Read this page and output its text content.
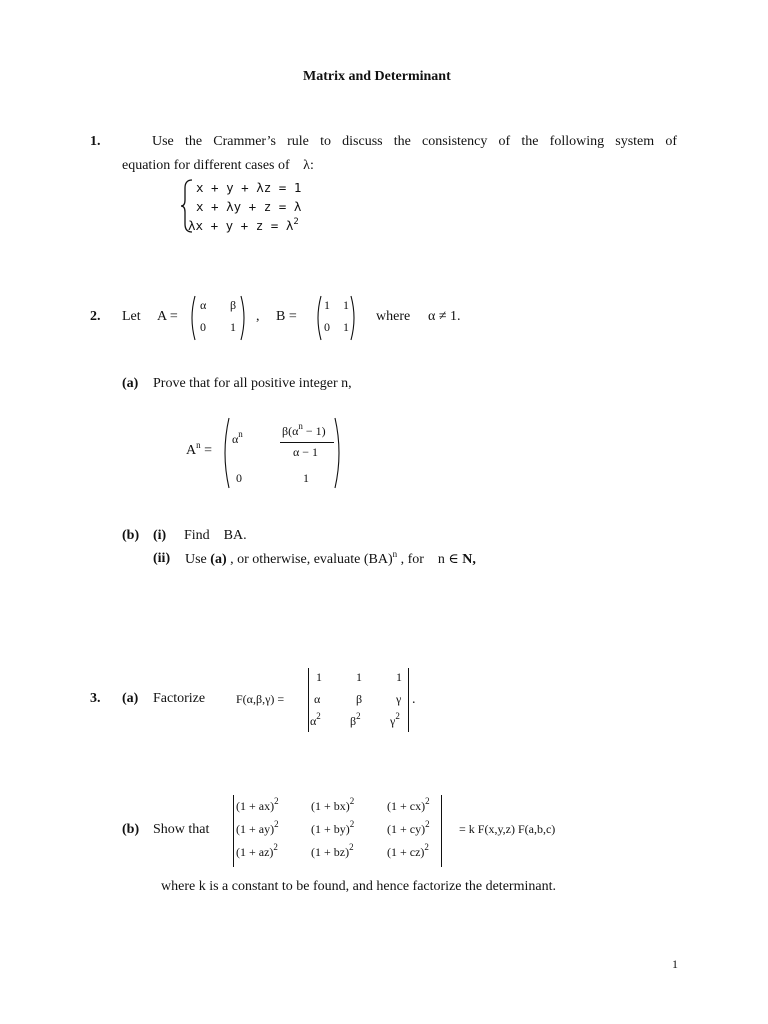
Matrix and Determinant
1.	Use the Crammer’s rule to discuss the consistency of the following system of
equation for different cases of λ:
x + y + λz = 1
x + λy + z = λ
$\lambda x + y + z = \lambda^2$
2. Let A =
α β
0 1
, B =
1 1
0 1
where α ≠ 1.
(a) Prove that for all positive integer n,
$A^n$ =
$\alpha^n$	$\beta(\alpha^n - 1)$
α − 1
0	1
(b) (i) Find    BA.
(ii) Use (a) , or otherwise, evaluate (BA)$^n$ , for    n ∈ N,
3. (a) Factorize	F(α,β,γ) =
1	1	1
α	β	γ
$\alpha^2$ $\beta^2$ $\gamma^2$
.
(b) Show that
(1 + ax)$^2$	(1 + bx)$^2$	(1 + cx)$^2$
(1 + ay)$^2$	(1 + by)$^2$	(1 + cy)$^2$
(1 + az)$^2$	(1 + bz)$^2$	(1 + cz)$^2$
= k F(x,y,z) F(a,b,c)
where k is a constant to be found, and hence factorize the determinant.
1
